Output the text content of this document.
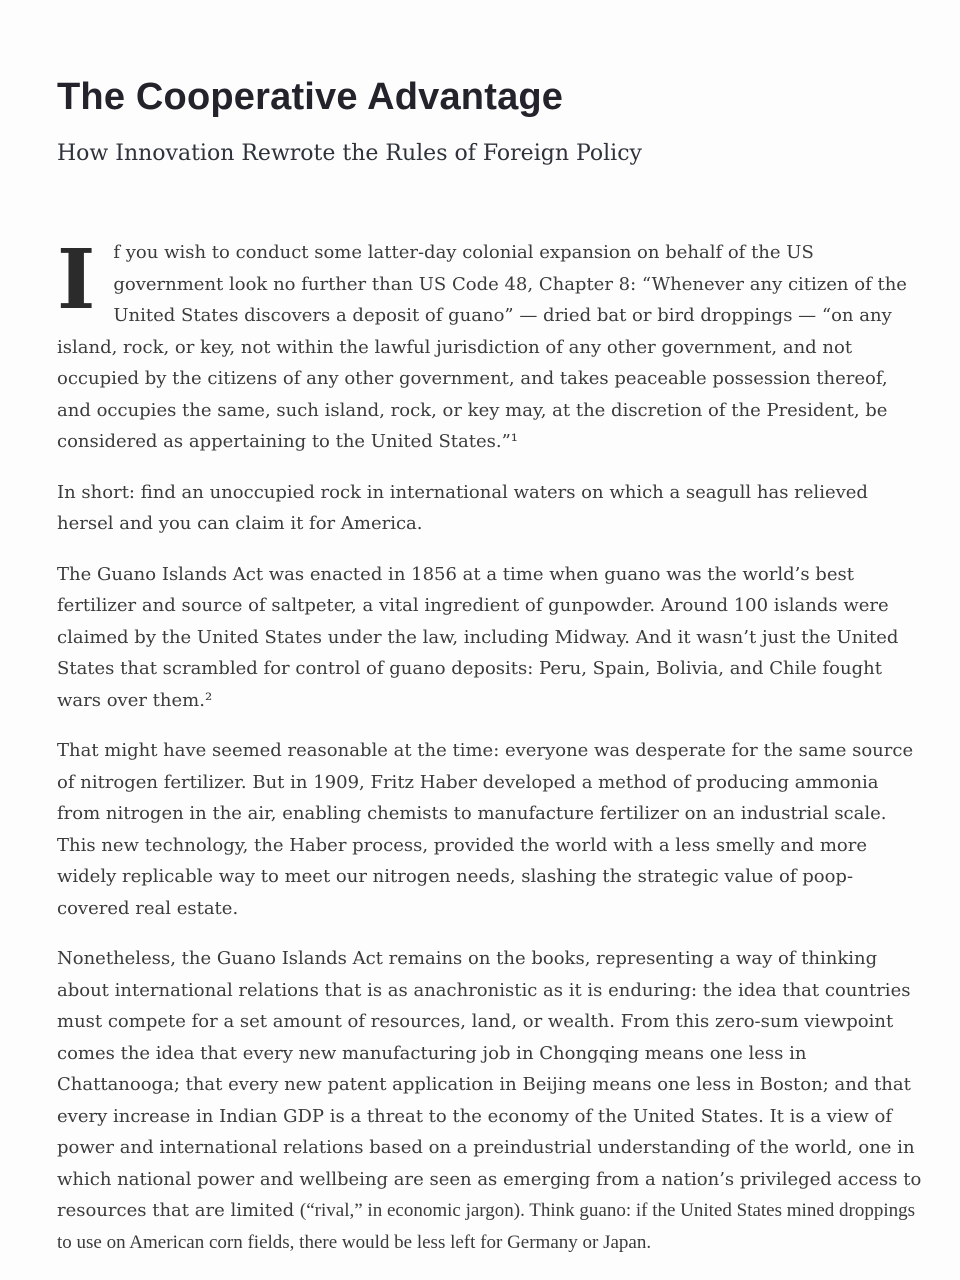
The Cooperative Advantage
How Innovation Rewrote the Rules of Foreign Policy

I	f you wish to conduct some latter-day colonial expansion on behalf of the US government look no further than US Code 48, Chapter 8: “Whenever any citizen of the United States discovers a deposit of guano” — dried bat or bird droppings — “on any island, rock, or key, not within the lawful jurisdiction of any other government, and not occupied by the citizens of any other government, and takes peaceable possession thereof, and occupies the same, such island, rock, or key may, at the discretion of the President, be considered as appertaining to the United States.”¹

In short: find an unoccupied rock in international waters on which a seagull has relieved hersel and you can claim it for America.

The Guano Islands Act was enacted in 1856 at a time when guano was the world’s best fertilizer and source of saltpeter, a vital ingredient of gunpowder. Around 100 islands were claimed by the United States under the law, including Midway. And it wasn’t just the United States that scrambled for control of guano deposits: Peru, Spain, Bolivia, and Chile fought wars over them.²

That might have seemed reasonable at the time: everyone was desperate for the same source of nitrogen fertilizer. But in 1909, Fritz Haber developed a method of producing ammonia from nitrogen in the air, enabling chemists to manufacture fertilizer on an industrial scale. This new technology, the Haber process, provided the world with a less smelly and more widely replicable way to meet our nitrogen needs, slashing the strategic value of poop-covered real estate.

Nonetheless, the Guano Islands Act remains on the books, representing a way of thinking about international relations that is as anachronistic as it is enduring: the idea that countries must compete for a set amount of resources, land, or wealth. From this zero-sum viewpoint comes the idea that every new manufacturing job in Chongqing means one less in Chattanooga; that every new patent application in Beijing means one less in Boston; and that every increase in Indian GDP is a threat to the economy of the United States. It is a view of power and international relations based on a preindustrial understanding of the world, one in which national power and wellbeing are seen as emerging from a nation’s privileged access to resources that are limited (“rival,” in economic jargon). Think guano: if the United States mined droppings to use on American corn fields, there would be less left for Germany or Japan.
